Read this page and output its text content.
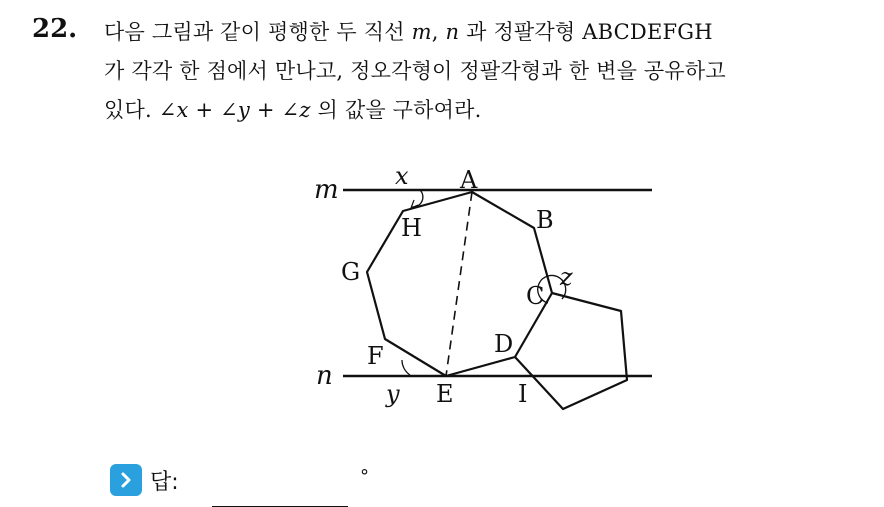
22. 다음 그림과 같이 평행한 두 직선 m, n 과 정팔각형 ABCDEFGH
가 각각 한 점에서 만나고, 정오각형이 정팔각형과 한 변을 공유하고
있다. ∠x + ∠y + ∠z 의 값을 구하여라.
m
n
A
B
C
D
E
F
G
H
I
x
y
z
답:	°
